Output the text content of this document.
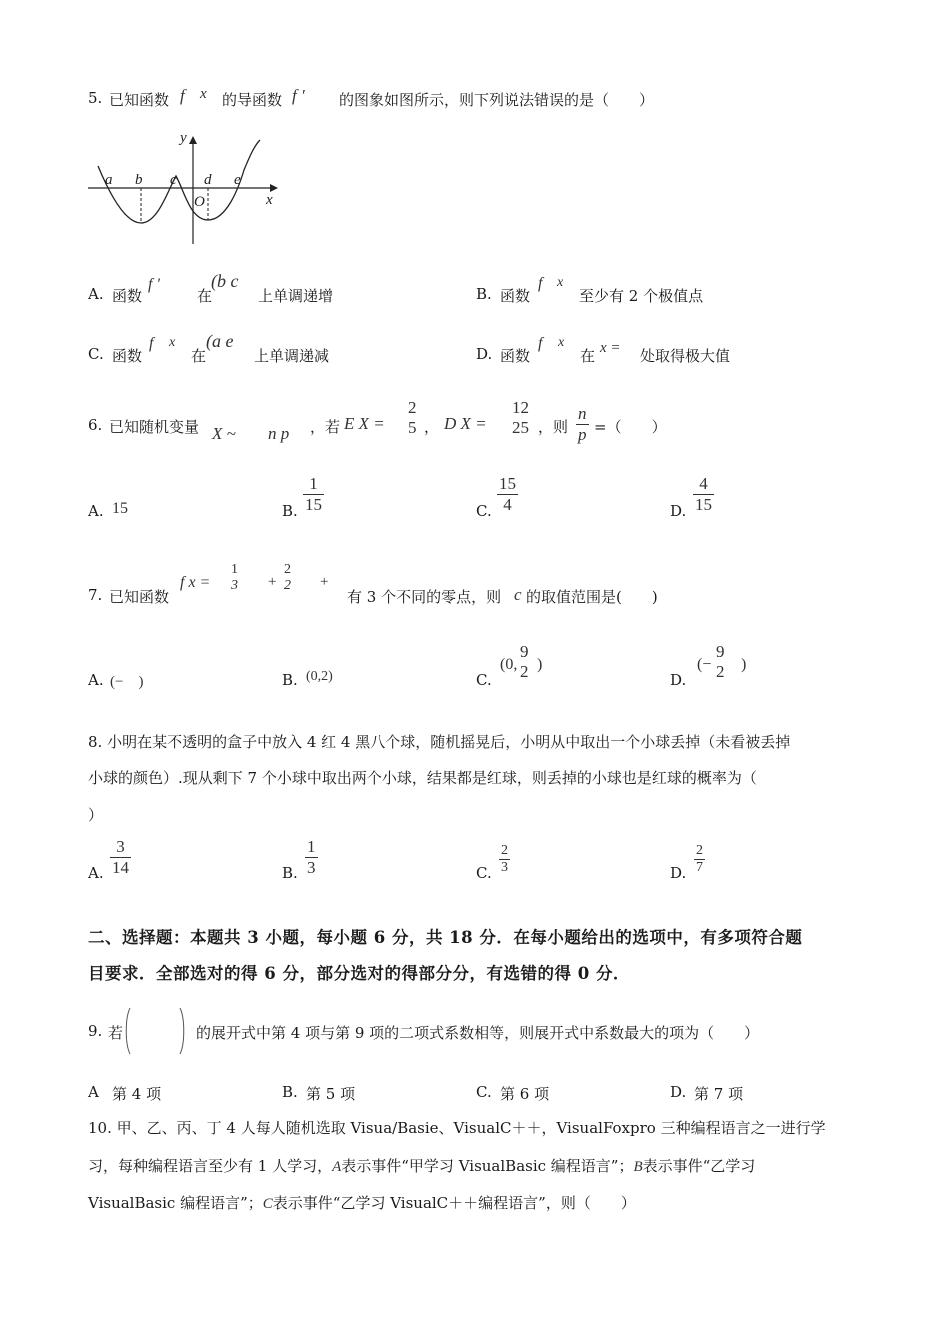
5. 已知函数 f x 的导函数 f ′ 的图象如图所示，则下列说法错误的是（　　）
a b c d e
y
x
O
A. 函数
f ′
在
(b c
上单调递增	B. 函数
f x
至少有 2 个极值点
C. 函数
f x
在
(a e
上单调递减	D. 函数
f x
在 x = 处取得极大值
6. 已知随机变量 X ~ n p ，若 E X =
2
5 ， D X =
12
25 ，则 $\frac{n}{p}$ =（　　）
A. 15	B. $\frac{1}{15}$	C. $\frac{15}{4}$	D. $\frac{4}{15}$
7. 已知函数
f x =
1
3 +
2
2 +
有 3 个不同的零点，则 c 的取值范围是(　　)
A. (−　)	B. (0,2)	C.
(0,
9
2 )
D.
(−
9
2 )
8. 小明在某不透明的盒子中放入 4 红 4 黑八个球，随机摇晃后，小明从中取出一个小球丢掉（未看被丢掉
小球的颜色）.现从剩下 7 个小球中取出两个小球，结果都是红球，则丢掉的小球也是红球的概率为（
）
A. $\frac{3}{14}$	B. $\frac{1}{3}$	C. $\frac{2}{3}$	D. $\frac{2}{7}$
二、选择题：本题共 3 小题，每小题 6 分，共 18 分．在每小题给出的选项中，有多项符合题
目要求．全部选对的得 6 分，部分选对的得部分分，有选错的得 0 分．
9. 若	的展开式中第 4 项与第 9 项的二项式系数相等，则展开式中系数最大的项为（　　）
A 第 4 项	B. 第 5 项	C. 第 6 项	D. 第 7 项
10. 甲、乙、丙、丁 4 人每人随机选取 Visua/Basie、VisualC＋＋，VisualFoxpro 三种编程语言之一进行学
习，每种编程语言至少有 1 人学习，A表示事件“甲学习 VisualBasic 编程语言”；B表示事件“乙学习
VisualBasic 编程语言”；C表示事件“乙学习 VisualC＋＋编程语言”，则（　　）
